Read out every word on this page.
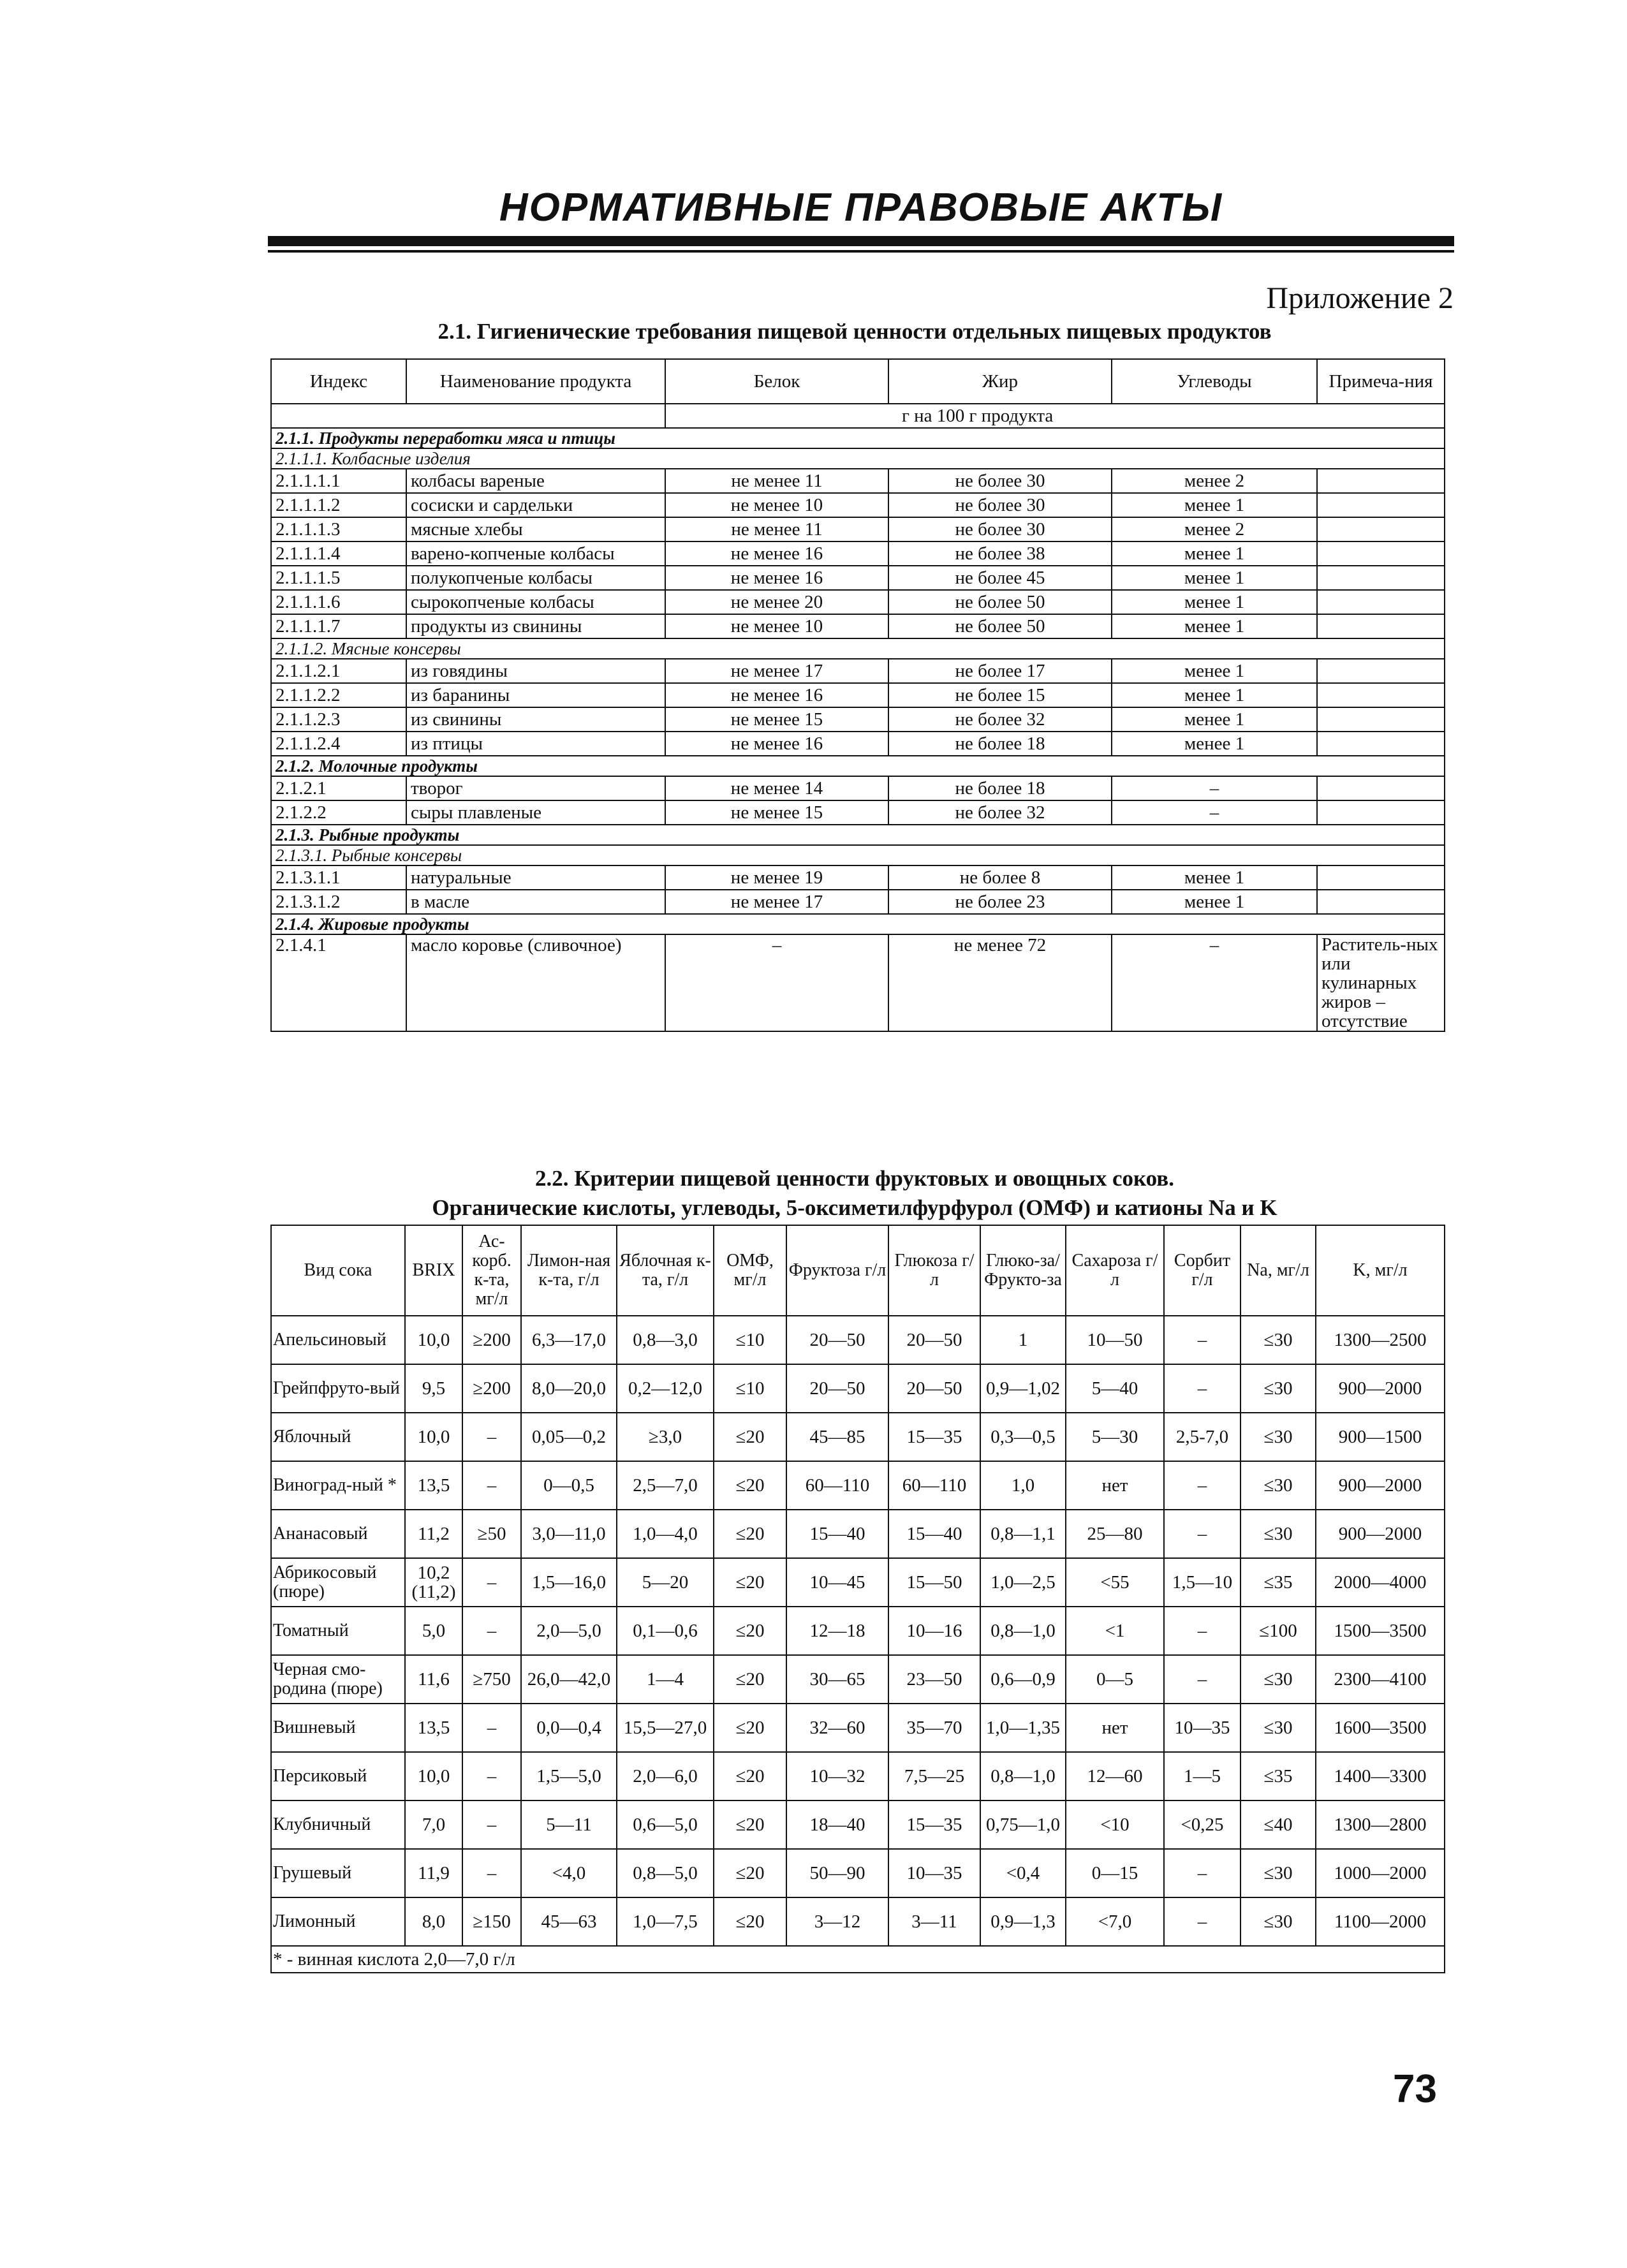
НОРМАТИВНЫЕ ПРАВОВЫЕ АКТЫ
Приложение 2
2.1. Гигиенические требования пищевой ценности отдельных пищевых продуктов
Индекс	Наименование продукта	Белок	Жир	Углеводы	Примеча-ния
		г на 100 г продукта			
2.1.1. Продукты переработки мяса и птицы					
2.1.1.1. Колбасные изделия					
2.1.1.1.1	колбасы вареные	не менее 11	не более 30	менее 2	
2.1.1.1.2	сосиски и сардельки	не менее 10	не более 30	менее 1	
2.1.1.1.3	мясные хлебы	не менее 11	не более 30	менее 2	
2.1.1.1.4	варено-копченые колбасы	не менее 16	не более 38	менее 1	
2.1.1.1.5	полукопченые колбасы	не менее 16	не более 45	менее 1	
2.1.1.1.6	сырокопченые колбасы	не менее 20	не более 50	менее 1	
2.1.1.1.7	продукты из свинины	не менее 10	не более 50	менее 1	
2.1.1.2. Мясные консервы					
2.1.1.2.1	из говядины	не менее 17	не более 17	менее 1	
2.1.1.2.2	из баранины	не менее 16	не более 15	менее 1	
2.1.1.2.3	из свинины	не менее 15	не более 32	менее 1	
2.1.1.2.4	из птицы	не менее 16	не более 18	менее 1	
2.1.2. Молочные продукты					
2.1.2.1	творог	не менее 14	не более 18	–	
2.1.2.2	сыры плавленые	не менее 15	не более 32	–	
2.1.3. Рыбные продукты					
2.1.3.1. Рыбные консервы					
2.1.3.1.1	натуральные	не менее 19	не более 8	менее 1	
2.1.3.1.2	в масле	не менее 17	не более 23	менее 1	
2.1.4. Жировые продукты					
2.1.4.1	масло коровье (сливочное)	–	не менее 72	–	Раститель-ных или кулинарных жиров – отсутствие
2.2. Критерии пищевой ценности фруктовых и овощных соков.
Органические кислоты, углеводы, 5-оксиметилфурфурол (ОМФ) и катионы Na и K
Вид сока	BRIX	Ас-корб. к-та, мг/л	Лимон-ная к-та, г/л	Яблочная к-та, г/л	ОМФ, мг/л	Фруктоза г/л	Глюкоза г/л	Глюко-за/ Фрукто-за	Сахароза г/л	Сорбит г/л	Na, мг/л	K, мг/л
Апельсиновый	10,0	≥200	6,3—17,0	0,8—3,0	≤10	20—50	20—50	1	10—50	–	≤30	1300—2500
Грейпфруто-вый	9,5	≥200	8,0—20,0	0,2—12,0	≤10	20—50	20—50	0,9—1,02	5—40	–	≤30	900—2000
Яблочный	10,0	–	0,05—0,2	≥3,0	≤20	45—85	15—35	0,3—0,5	5—30	2,5-7,0	≤30	900—1500
Виноград-ный *	13,5	–	0—0,5	2,5—7,0	≤20	60—110	60—110	1,0	нет	–	≤30	900—2000
Ананасовый	11,2	≥50	3,0—11,0	1,0—4,0	≤20	15—40	15—40	0,8—1,1	25—80	–	≤30	900—2000
Абрикосовый (пюре)	10,2 (11,2)	–	1,5—16,0	5—20	≤20	10—45	15—50	1,0—2,5	<55	1,5—10	≤35	2000—4000
Томатный	5,0	–	2,0—5,0	0,1—0,6	≤20	12—18	10—16	0,8—1,0	<1	–	≤100	1500—3500
Черная смо-родина (пюре)	11,6	≥750	26,0—42,0	1—4	≤20	30—65	23—50	0,6—0,9	0—5	–	≤30	2300—4100
Вишневый	13,5	–	0,0—0,4	15,5—27,0	≤20	32—60	35—70	1,0—1,35	нет	10—35	≤30	1600—3500
Персиковый	10,0	–	1,5—5,0	2,0—6,0	≤20	10—32	7,5—25	0,8—1,0	12—60	1—5	≤35	1400—3300
Клубничный	7,0	–	5—11	0,6—5,0	≤20	18—40	15—35	0,75—1,0	<10	<0,25	≤40	1300—2800
Грушевый	11,9	–	<4,0	0,8—5,0	≤20	50—90	10—35	<0,4	0—15	–	≤30	1000—2000
Лимонный	8,0	≥150	45—63	1,0—7,5	≤20	3—12	3—11	0,9—1,3	<7,0	–	≤30	1100—2000
* - винная кислота 2,0—7,0 г/л												
73
